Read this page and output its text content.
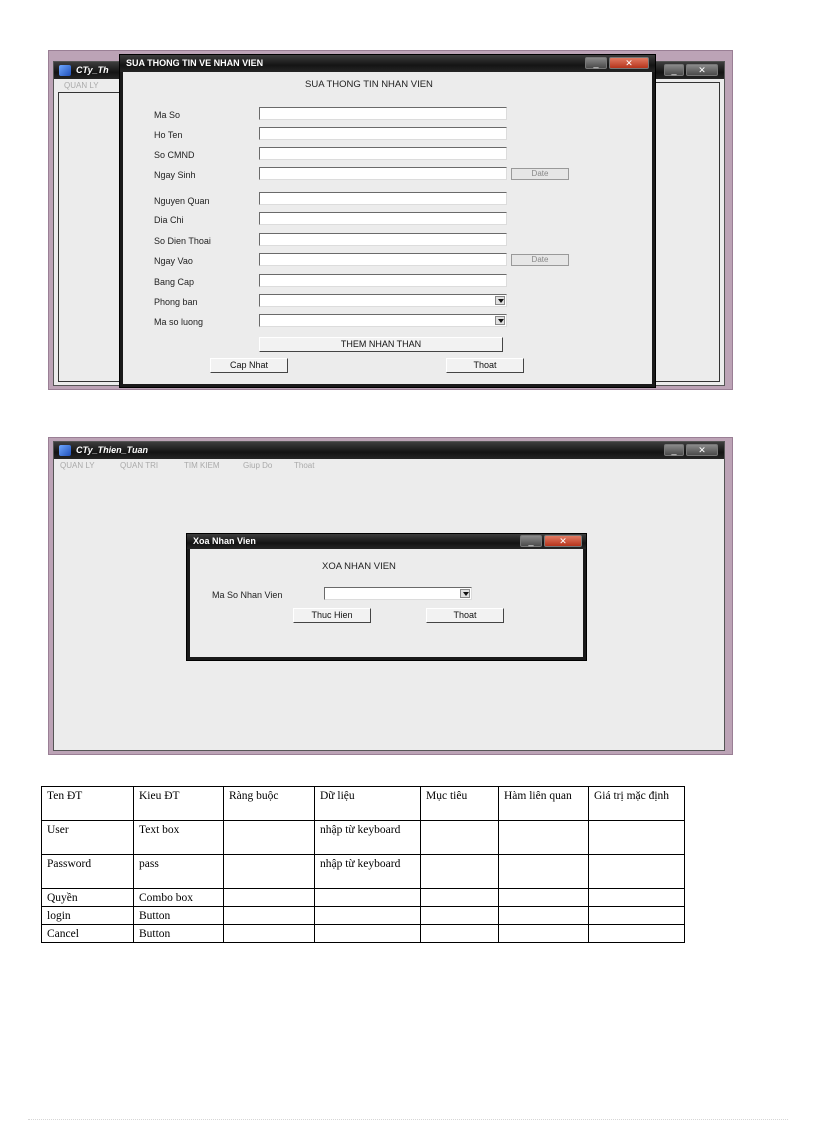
CTy_Th	_	✕
QUAN LY
SUA THONG TIN VE NHAN VIEN	_	✕
SUA THONG TIN NHAN VIEN
Ma So
Ho Ten
So CMND
Ngay Sinh	Date
Nguyen Quan
Dia Chi
So Dien Thoai
Ngay Vao	Date
Bang Cap
Phong ban
Ma so luong
THEM NHAN THAN
Cap Nhat	Thoat
CTy_Thien_Tuan	_	✕
QUAN LY	QUAN TRI	TIM KIEM	Giup Do	Thoat
Xoa Nhan Vien	_	✕
XOA NHAN VIEN
Ma So Nhan Vien
Thuc Hien	Thoat
Ten ĐT	Kieu ĐT	Ràng buộc	Dữ liệu	Mục tiêu	Hàm liên quan	Giá trị mặc định
User	Text box		nhập từ keyboard			
Password	pass		nhập từ keyboard			
Quyền	Combo box					
login	Button					
Cancel	Button					
